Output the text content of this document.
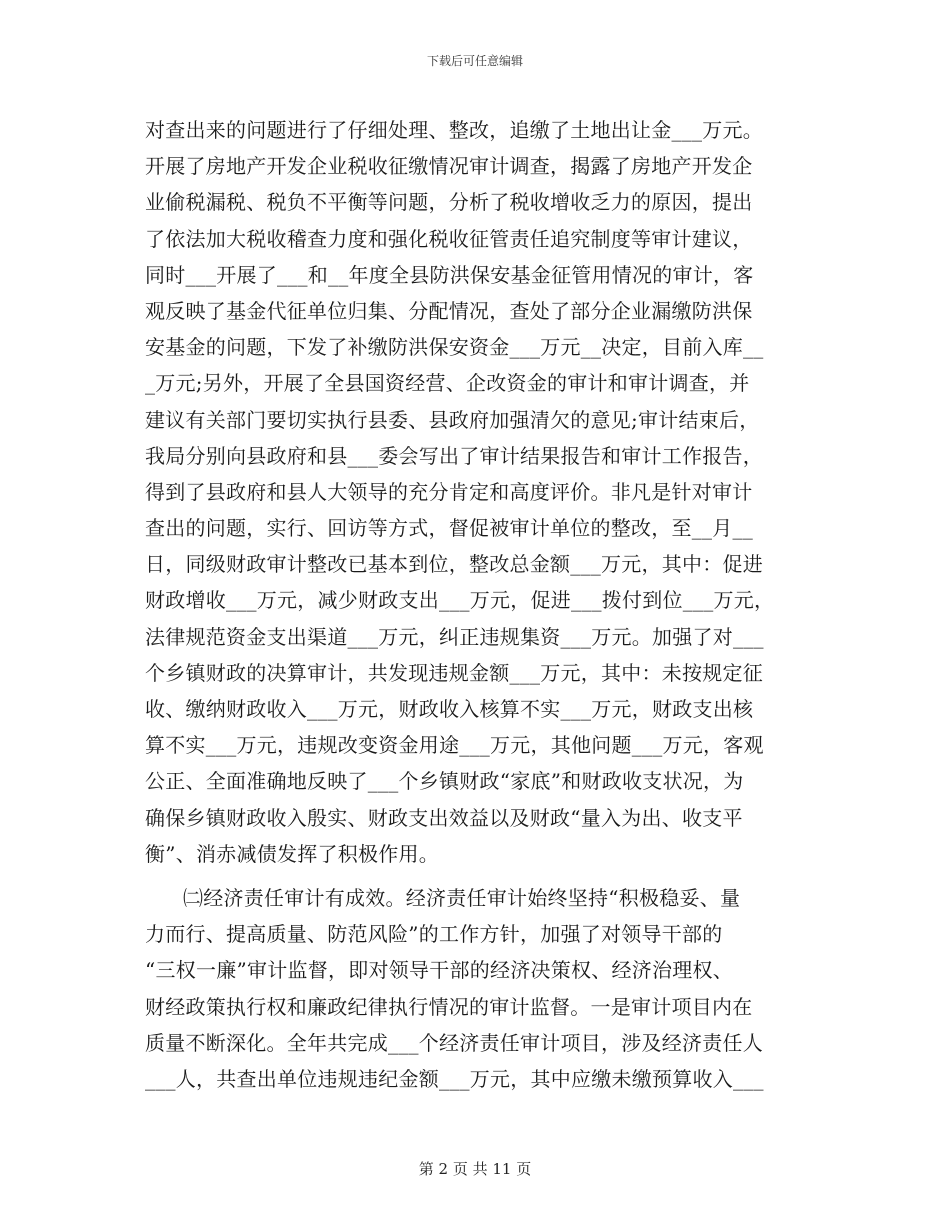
下载后可任意编辑
对查出来的问题进行了仔细处理、整改，追缴了土地出让金___万元。
开展了房地产开发企业税收征缴情况审计调查，揭露了房地产开发企
业偷税漏税、税负不平衡等问题，分析了税收增收乏力的原因，提出
了依法加大税收稽查力度和强化税收征管责任追究制度等审计建议，
同时___开展了___和__年度全县防洪保安基金征管用情况的审计，客
观反映了基金代征单位归集、分配情况，查处了部分企业漏缴防洪保
安基金的问题，下发了补缴防洪保安资金___万元__决定，目前入库__
_万元;另外，开展了全县国资经营、企改资金的审计和审计调查，并
建议有关部门要切实执行县委、县政府加强清欠的意见;审计结束后，
我局分别向县政府和县___委会写出了审计结果报告和审计工作报告，
得到了县政府和县人大领导的充分肯定和高度评价。非凡是针对审计
查出的问题，实行、回访等方式，督促被审计单位的整改，至__月__
日，同级财政审计整改已基本到位，整改总金额___万元，其中：促进
财政增收___万元，减少财政支出___万元，促进___拨付到位___万元，
法律规范资金支出渠道___万元，纠正违规集资___万元。加强了对___
个乡镇财政的决算审计，共发现违规金额___万元，其中：未按规定征
收、缴纳财政收入___万元，财政收入核算不实___万元，财政支出核
算不实___万元，违规改变资金用途___万元，其他问题___万元，客观
公正、全面准确地反映了___个乡镇财政“家底”和财政收支状况，为
确保乡镇财政收入殷实、财政支出效益以及财政“量入为出、收支平
衡”、消赤减债发挥了积极作用。
㈡经济责任审计有成效。经济责任审计始终坚持“积极稳妥、量
力而行、提高质量、防范风险”的工作方针，加强了对领导干部的
“三权一廉”审计监督，即对领导干部的经济决策权、经济治理权、
财经政策执行权和廉政纪律执行情况的审计监督。一是审计项目内在
质量不断深化。全年共完成___个经济责任审计项目，涉及经济责任人
___人，共查出单位违规违纪金额___万元，其中应缴未缴预算收入___
第 2 页 共 11 页
